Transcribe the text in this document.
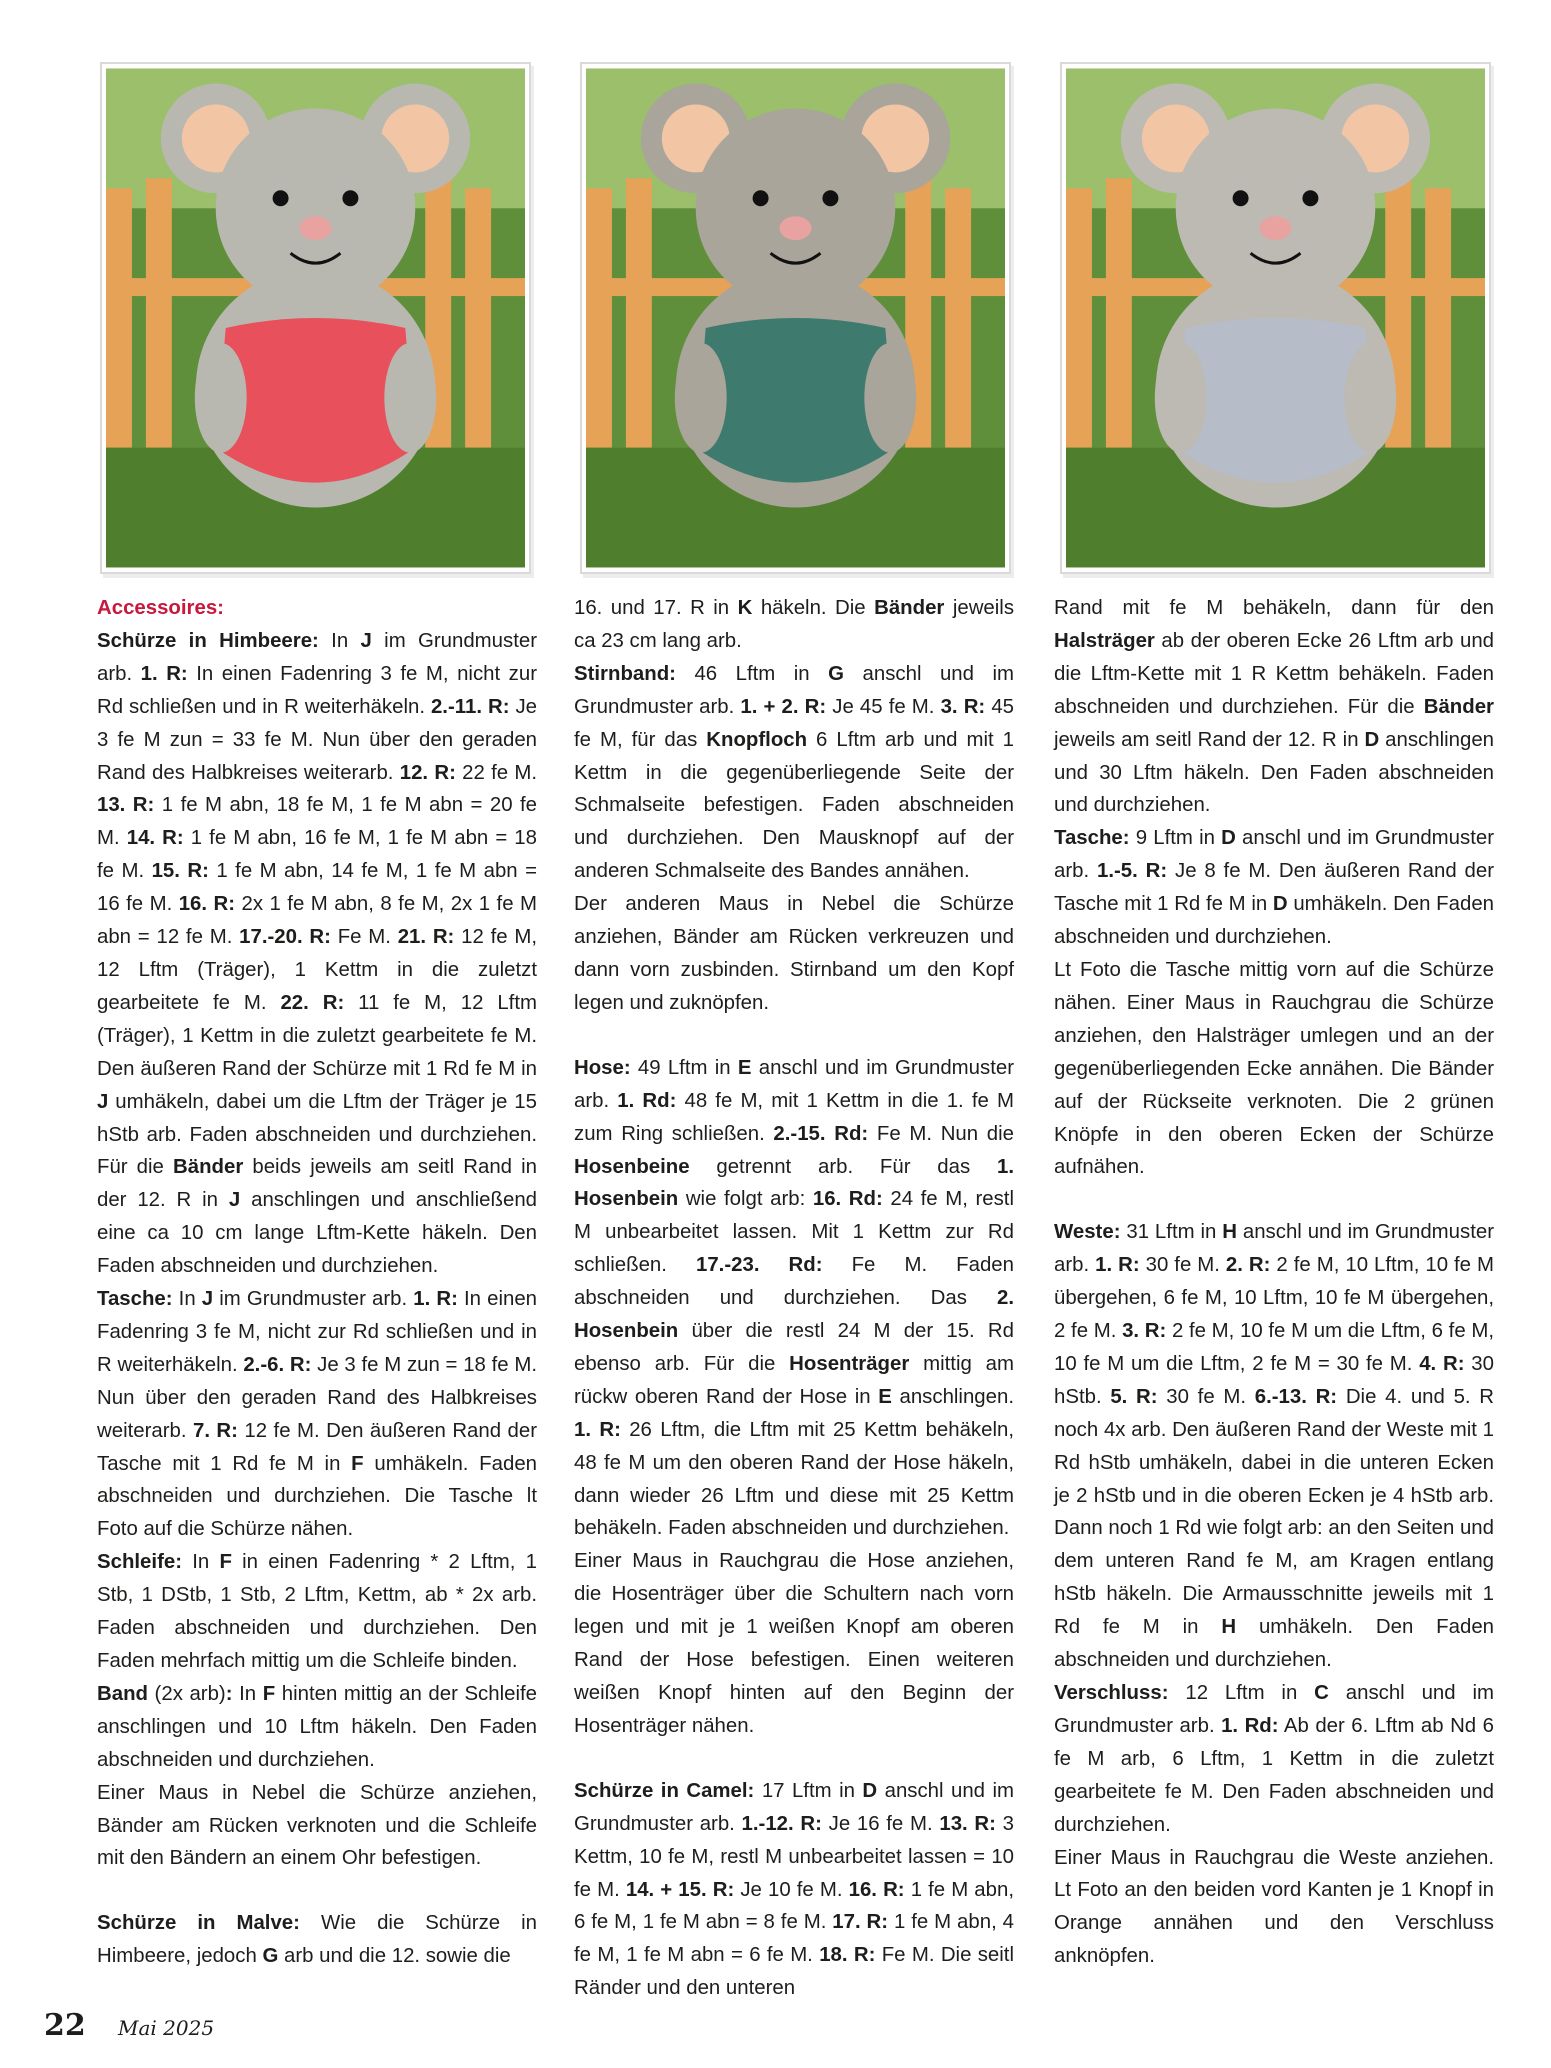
Accessoires:

Schürze in Himbeere: In J im Grundmuster arb. 1. R: In einen Fadenring 3 fe M, nicht zur Rd schließen und in R weiterhäkeln. 2.-11. R: Je 3 fe M zun = 33 fe M. Nun über den geraden Rand des Halbkreises weiterarb. 12. R: 22 fe M. 13. R: 1 fe M abn, 18 fe M, 1 fe M abn = 20 fe M. 14. R: 1 fe M abn, 16 fe M, 1 fe M abn = 18 fe M. 15. R: 1 fe M abn, 14 fe M, 1 fe M abn = 16 fe M. 16. R: 2x 1 fe M abn, 8 fe M, 2x 1 fe M abn = 12 fe M. 17.-20. R: Fe M. 21. R: 12 fe M, 12 Lftm (Träger), 1 Kettm in die zuletzt gearbeitete fe M. 22. R: 11 fe M, 12 Lftm (Träger), 1 Kettm in die zuletzt gearbeitete fe M. Den äußeren Rand der Schürze mit 1 Rd fe M in J umhäkeln, dabei um die Lftm der Träger je 15 hStb arb. Faden abschneiden und durchziehen. Für die Bänder beids jeweils am seitl Rand in der 12. R in J anschlingen und anschließend eine ca 10 cm lange Lftm-Kette häkeln. Den Faden abschneiden und durchziehen.

Tasche: In J im Grundmuster arb. 1. R: In einen Fadenring 3 fe M, nicht zur Rd schließen und in R weiterhäkeln. 2.-6. R: Je 3 fe M zun = 18 fe M. Nun über den geraden Rand des Halbkreises weiterarb. 7. R: 12 fe M. Den äußeren Rand der Tasche mit 1 Rd fe M in F umhäkeln. Faden abschneiden und durchziehen. Die Tasche lt Foto auf die Schürze nähen.

Schleife: In F in einen Fadenring * 2 Lftm, 1 Stb, 1 DStb, 1 Stb, 2 Lftm, Kettm, ab * 2x arb. Faden abschneiden und durchziehen. Den Faden mehrfach mittig um die Schleife binden.

Band (2x arb): In F hinten mittig an der Schleife anschlingen und 10 Lftm häkeln. Den Faden abschneiden und durchziehen.

Einer Maus in Nebel die Schürze anziehen, Bänder am Rücken verknoten und die Schleife mit den Bändern an einem Ohr befestigen.

Schürze in Malve: Wie die Schürze in Himbeere, jedoch G arb und die 12. sowie die

16. und 17. R in K häkeln. Die Bänder jeweils ca 23 cm lang arb.

Stirnband: 46 Lftm in G anschl und im Grundmuster arb. 1. + 2. R: Je 45 fe M. 3. R: 45 fe M, für das Knopfloch 6 Lftm arb und mit 1 Kettm in die gegenüberliegende Seite der Schmalseite befestigen. Faden abschneiden und durchziehen. Den Mausknopf auf der anderen Schmalseite des Bandes annähen.

Der anderen Maus in Nebel die Schürze anziehen, Bänder am Rücken verkreuzen und dann vorn zusbinden. Stirnband um den Kopf legen und zuknöpfen.

Hose: 49 Lftm in E anschl und im Grundmuster arb. 1. Rd: 48 fe M, mit 1 Kettm in die 1. fe M zum Ring schließen. 2.-15. Rd: Fe M. Nun die Hosenbeine getrennt arb. Für das 1. Hosenbein wie folgt arb: 16. Rd: 24 fe M, restl M unbearbeitet lassen. Mit 1 Kettm zur Rd schließen. 17.-23. Rd: Fe M. Faden abschneiden und durchziehen. Das 2. Hosenbein über die restl 24 M der 15. Rd ebenso arb. Für die Hosenträger mittig am rückw oberen Rand der Hose in E anschlingen. 1. R: 26 Lftm, die Lftm mit 25 Kettm behäkeln, 48 fe M um den oberen Rand der Hose häkeln, dann wieder 26 Lftm und diese mit 25 Kettm behäkeln. Faden abschneiden und durchziehen.

Einer Maus in Rauchgrau die Hose anziehen, die Hosenträger über die Schultern nach vorn legen und mit je 1 weißen Knopf am oberen Rand der Hose befestigen. Einen weiteren weißen Knopf hinten auf den Beginn der Hosenträger nähen.

Schürze in Camel: 17 Lftm in D anschl und im Grundmuster arb. 1.-12. R: Je 16 fe M. 13. R: 3 Kettm, 10 fe M, restl M unbearbeitet lassen = 10 fe M. 14. + 15. R: Je 10 fe M. 16. R: 1 fe M abn, 6 fe M, 1 fe M abn = 8 fe M. 17. R: 1 fe M abn, 4 fe M, 1 fe M abn = 6 fe M. 18. R: Fe M. Die seitl Ränder und den unteren

Rand mit fe M behäkeln, dann für den Halsträger ab der oberen Ecke 26 Lftm arb und die Lftm-Kette mit 1 R Kettm behäkeln. Faden abschneiden und durchziehen. Für die Bänder jeweils am seitl Rand der 12. R in D anschlingen und 30 Lftm häkeln. Den Faden abschneiden und durchziehen.

Tasche: 9 Lftm in D anschl und im Grundmuster arb. 1.-5. R: Je 8 fe M. Den äußeren Rand der Tasche mit 1 Rd fe M in D umhäkeln. Den Faden abschneiden und durchziehen.

Lt Foto die Tasche mittig vorn auf die Schürze nähen. Einer Maus in Rauchgrau die Schürze anziehen, den Halsträger umlegen und an der gegenüberliegenden Ecke annähen. Die Bänder auf der Rückseite verknoten. Die 2 grünen Knöpfe in den oberen Ecken der Schürze aufnähen.

Weste: 31 Lftm in H anschl und im Grundmuster arb. 1. R: 30 fe M. 2. R: 2 fe M, 10 Lftm, 10 fe M übergehen, 6 fe M, 10 Lftm, 10 fe M übergehen, 2 fe M. 3. R: 2 fe M, 10 fe M um die Lftm, 6 fe M, 10 fe M um die Lftm, 2 fe M = 30 fe M. 4. R: 30 hStb. 5. R: 30 fe M. 6.-13. R: Die 4. und 5. R noch 4x arb. Den äußeren Rand der Weste mit 1 Rd hStb umhäkeln, dabei in die unteren Ecken je 2 hStb und in die oberen Ecken je 4 hStb arb. Dann noch 1 Rd wie folgt arb: an den Seiten und dem unteren Rand fe M, am Kragen entlang hStb häkeln. Die Armausschnitte jeweils mit 1 Rd fe M in H umhäkeln. Den Faden abschneiden und durchziehen.

Verschluss: 12 Lftm in C anschl und im Grundmuster arb. 1. Rd: Ab der 6. Lftm ab Nd 6 fe M arb, 6 Lftm, 1 Kettm in die zuletzt gearbeitete fe M. Den Faden abschneiden und durchziehen.

Einer Maus in Rauchgrau die Weste anziehen. Lt Foto an den beiden vord Kanten je 1 Knopf in Orange annähen und den Verschluss anknöpfen.

22 Mai 2025
